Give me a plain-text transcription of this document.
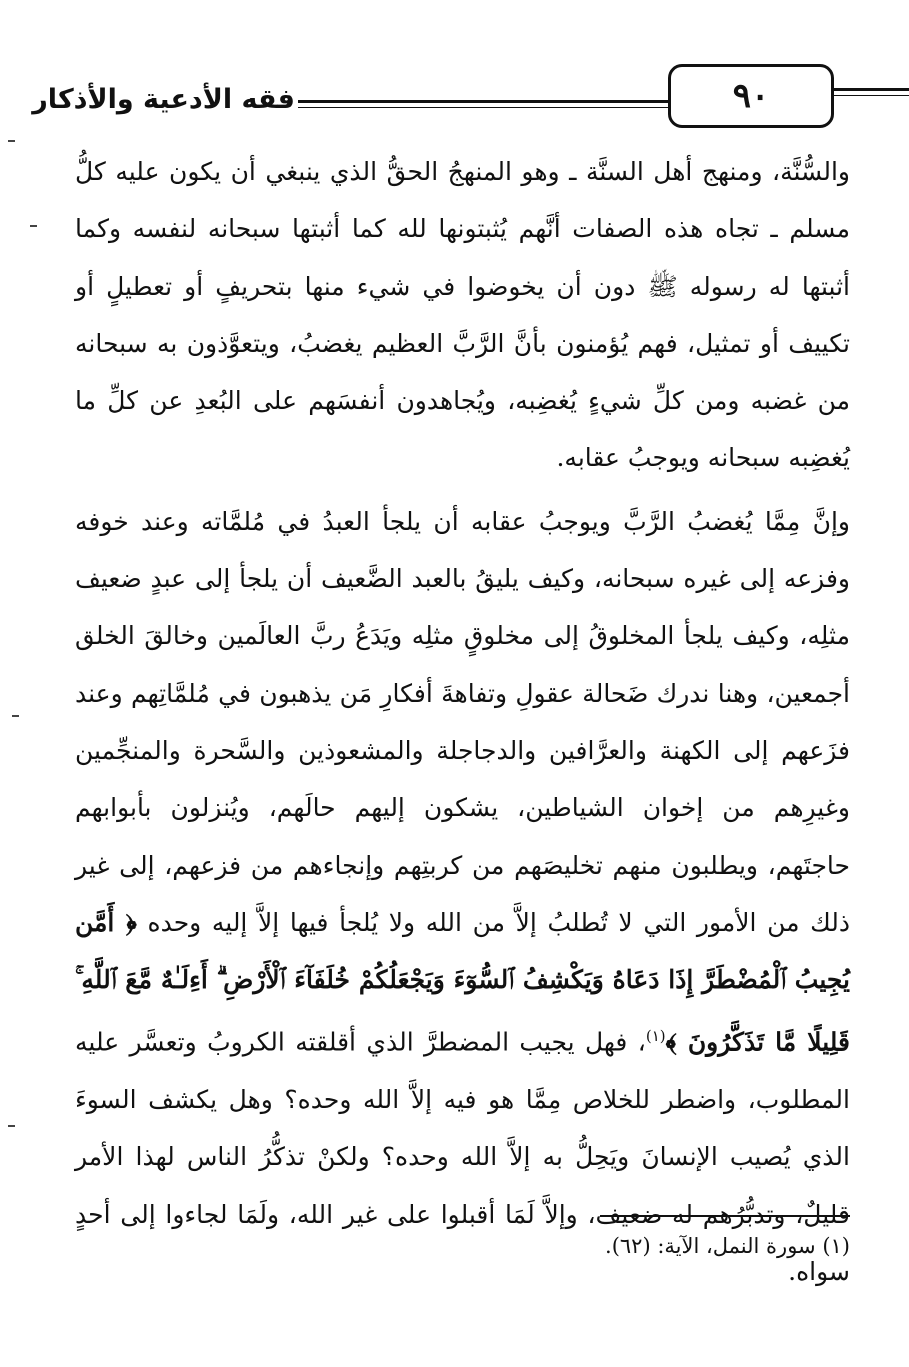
٩٠
فقه الأدعية والأذكار

والسُّنَّة، ومنهج أهل السنَّة ـ وهو المنهجُ الحقُّ الذي ينبغي أن يكون عليه كلُّ مسلم ـ تجاه هذه الصفات أنَّهم يُثبتونها لله كما أثبتها سبحانه لنفسه وكما أثبتها له رسوله ﷺ دون أن يخوضوا في شيء منها بتحريفٍ أو تعطيلٍ أو تكييف أو تمثيل، فهم يُؤمنون بأنَّ الرَّبَّ العظيم يغضبُ، ويتعوَّذون به سبحانه من غضبه ومن كلِّ شيءٍ يُغضِبه، ويُجاهدون أنفسَهم على البُعدِ عن كلِّ ما يُغضِبه سبحانه ويوجبُ عقابه.

وإنَّ مِمَّا يُغضبُ الرَّبَّ ويوجبُ عقابه أن يلجأ العبدُ في مُلمَّاته وعند خوفه وفزعه إلى غيره سبحانه، وكيف يليقُ بالعبد الضَّعيف أن يلجأ إلى عبدٍ ضعيف مثلِه، وكيف يلجأ المخلوقُ إلى مخلوقٍ مثلِه ويَدَعُ ربَّ العالَمين وخالقَ الخلق أجمعين، وهنا ندرك ضَحالة عقولِ وتفاهةَ أفكارِ مَن يذهبون في مُلمَّاتِهم وعند فزَعهم إلى الكهنة والعرَّافين والدجاجلة والمشعوذين والسَّحرة والمنجِّمين وغيرِهم من إخوان الشياطين، يشكون إليهم حالَهم، ويُنزلون بأبوابهم حاجتَهم، ويطلبون منهم تخليصَهم من كربتِهم وإنجاءهم من فزعهم، إلى غير ذلك من الأمور التي لا تُطلبُ إلاَّ من الله ولا يُلجأ فيها إلاَّ إليه وحده ﴿ أَمَّن يُجِيبُ ٱلْمُضْطَرَّ إِذَا دَعَاهُ وَيَكْشِفُ ٱلسُّوٓءَ وَيَجْعَلُكُمْ خُلَفَآءَ ٱلْأَرْضِ ۗ أَءِلَـٰهٌ مَّعَ ٱللَّهِ ۚ قَلِيلًا مَّا تَذَكَّرُونَ ﴾$^{(١)}$، فهل يجيب المضطرَّ الذي أقلقته الكروبُ وتعسَّر عليه المطلوب، واضطر للخلاص مِمَّا هو فيه إلاَّ الله وحده؟ وهل يكشف السوءَ الذي يُصيب الإنسانَ ويَحِلُّ به إلاَّ الله وحده؟ ولكنْ تذكُّرُ الناس لهذا الأمر قليلٌ، وتدبُّرُهم له ضعيف، وإلاَّ لَمَا أقبلوا على غير الله، ولَمَا لجاءوا إلى أحدٍ سواه.

(١) سورة النمل، الآية: (٦٢).
